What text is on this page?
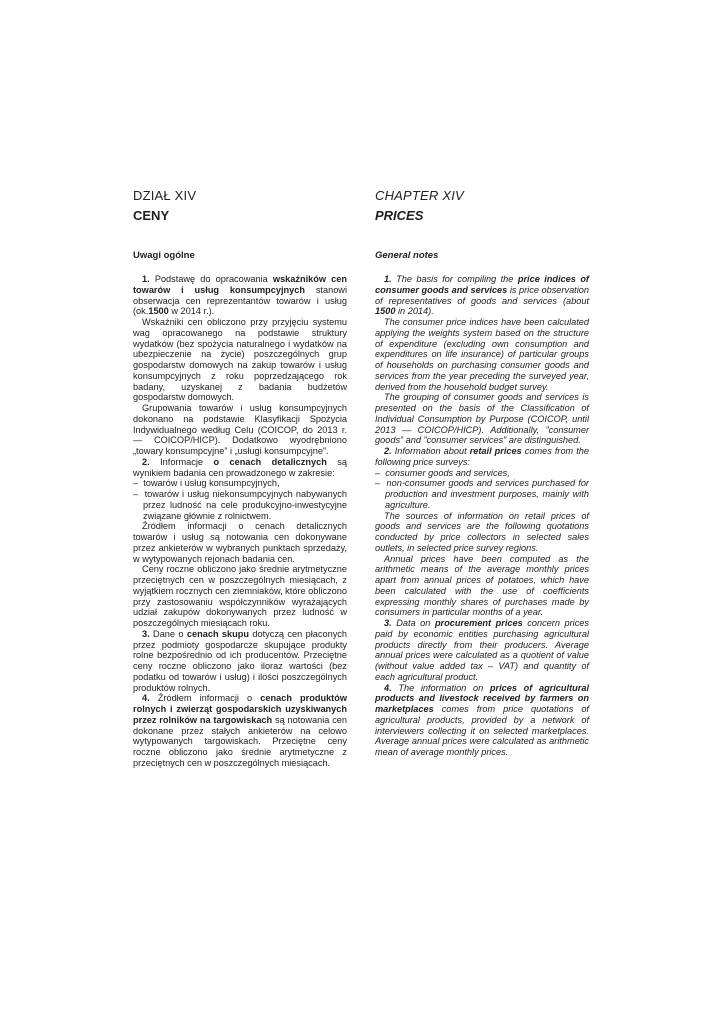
DZIAŁ XIV

CENY

Uwagi ogólne

1. Podstawę do opracowania wskaźników cen towarów i usług konsumpcyjnych stanowi obserwacja cen reprezentantów towarów i usług (ok.1500 w 2014 r.).

Wskaźniki cen obliczono przy przyjęciu systemu wag opracowanego na podstawie struktury wydatków (bez spożycia naturalnego i wydatków na ubezpieczenie na życie) poszczególnych grup gospodarstw domowych na zakup towarów i usług konsumpcyjnych z roku poprzedzającego rok badany, uzyskanej z badania budżetów gospodarstw domowych.

Grupowania towarów i usług konsumpcyjnych dokonano na podstawie Klasyfikacji Spożycia Indywidualnego według Celu (COICOP, do 2013 r. — COICOP/HICP). Dodatkowo wyodrębniono „towary konsumpcyjne” i „usługi konsumpcyjne”.

2. Informacje o cenach detalicznych są wynikiem badania cen prowadzonego w zakresie:

–  towarów i usług konsumpcyjnych,
–  towarów i usług niekonsumpcyjnych nabywanych przez ludność na cele produkcyjno-inwestycyjne związane głównie z rolnictwem.

Źródłem informacji o cenach detalicznych towarów i usług są notowania cen dokonywane przez ankieterów w wybranych punktach sprzedaży, w wytypowanych rejonach badania cen.

Ceny roczne obliczono jako średnie arytmetyczne przeciętnych cen w poszczególnych miesiącach, z wyjątkiem rocznych cen ziemniaków, które obliczono przy zastosowaniu współczynników wyrażających udział zakupów dokonywanych przez ludność w poszczególnych miesiącach roku.

3. Dane o cenach skupu dotyczą cen płaconych przez podmioty gospodarcze skupujące produkty rolne bezpośrednio od ich producentów. Przeciętne ceny roczne obliczono jako iloraz wartości (bez podatku od towarów i usług) i ilości poszczególnych produktów rolnych.

4. Źródłem informacji o cenach produktów rolnych i zwierząt gospodarskich uzyskiwanych przez rolników na targowiskach są notowania cen dokonane przez stałych ankieterów na celowo wytypowanych targowiskach. Przeciętne ceny roczne obliczono jako średnie arytmetyczne z przeciętnych cen w poszczególnych miesiącach.

CHAPTER XIV

PRICES

General notes

1. The basis for compiling the price indices of consumer goods and services is price observation of representatives of goods and services (about 1500 in 2014).

The consumer price indices have been calculated applying the weights system based on the structure of expenditure (excluding own consumption and expenditures on life insurance) of particular groups of households on purchasing consumer goods and services from the year preceding the surveyed year, derived from the household budget survey.

The grouping of consumer goods and services is presented on the basis of the Classification of Individual Consumption by Purpose (COICOP, until 2013 — COICOP/HICP). Additionally, ”consumer goods” and ”consumer services” are distinguished.

2. Information about retail prices comes from the following price surveys:

–  consumer goods and services,
–  non-consumer goods and services purchased for production and investment purposes, mainly with agriculture.

The sources of information on retail prices of goods and services are the following quotations conducted by price collectors in selected sales outlets, in selected price survey regions.

Annual prices have been computed as the arithmetic means of the average monthly prices apart from annual prices of potatoes, which have been calculated with the use of coefficients expressing monthly shares of purchases made by consumers in particular months of a year.

3. Data on procurement prices concern prices paid by economic entities purchasing agricultural products directly from their producers. Average annual prices were calculated as a quotient of value (without value added tax – VAT) and quantity of each agricultural product.

4. The information on prices of agricultural products and livestock received by farmers on marketplaces comes from price quotations of agricultural products, provided by a network of interviewers collecting it on selected marketplaces. Average annual prices were calculated as arithmetic mean of average monthly prices.
